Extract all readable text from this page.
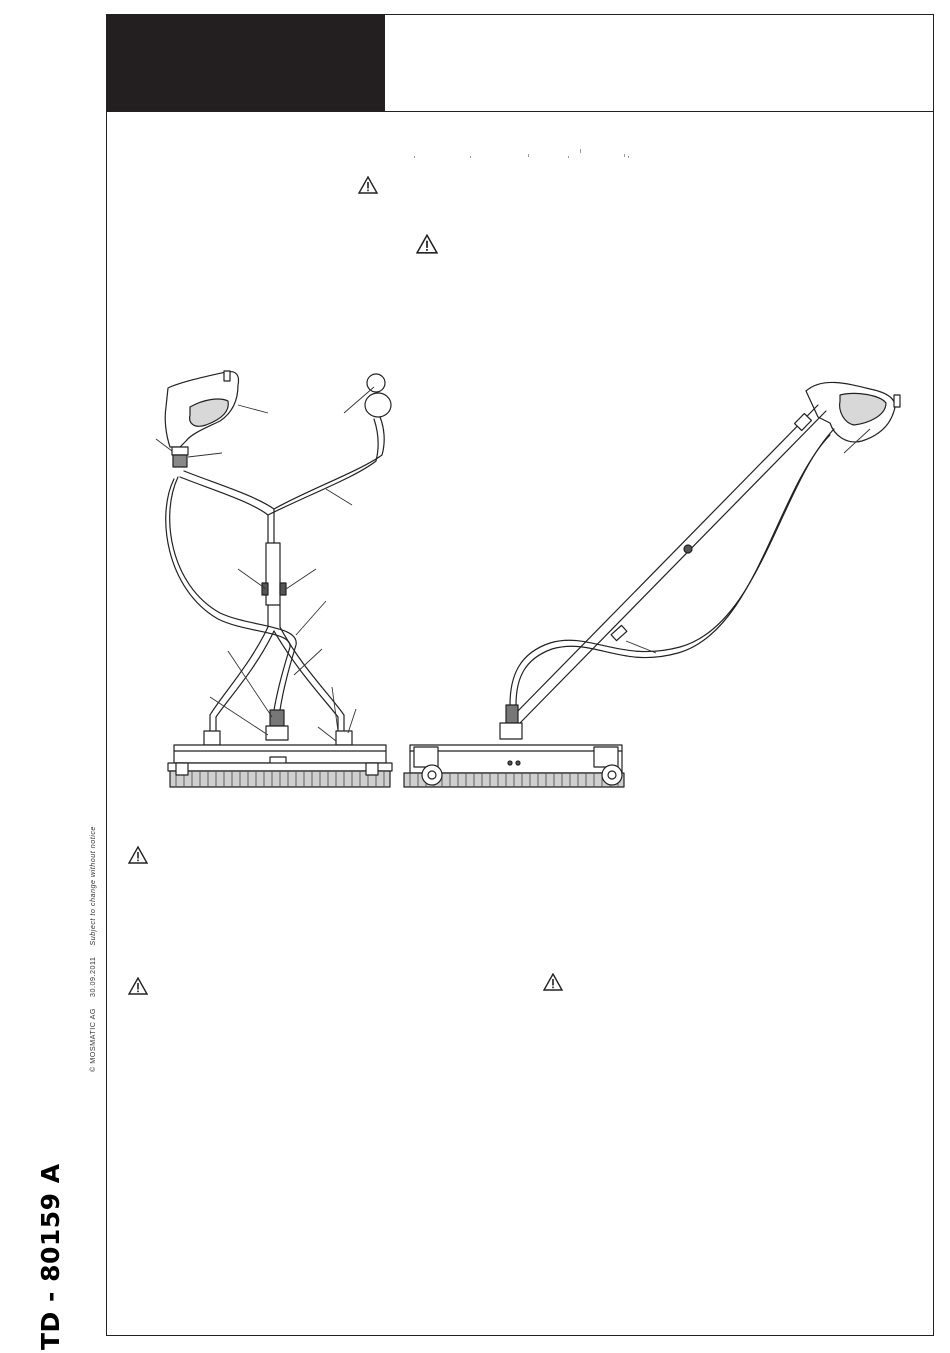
© MOSMATIC AG  30.09.2011  Subject to change without notice
TD - 80159 A
